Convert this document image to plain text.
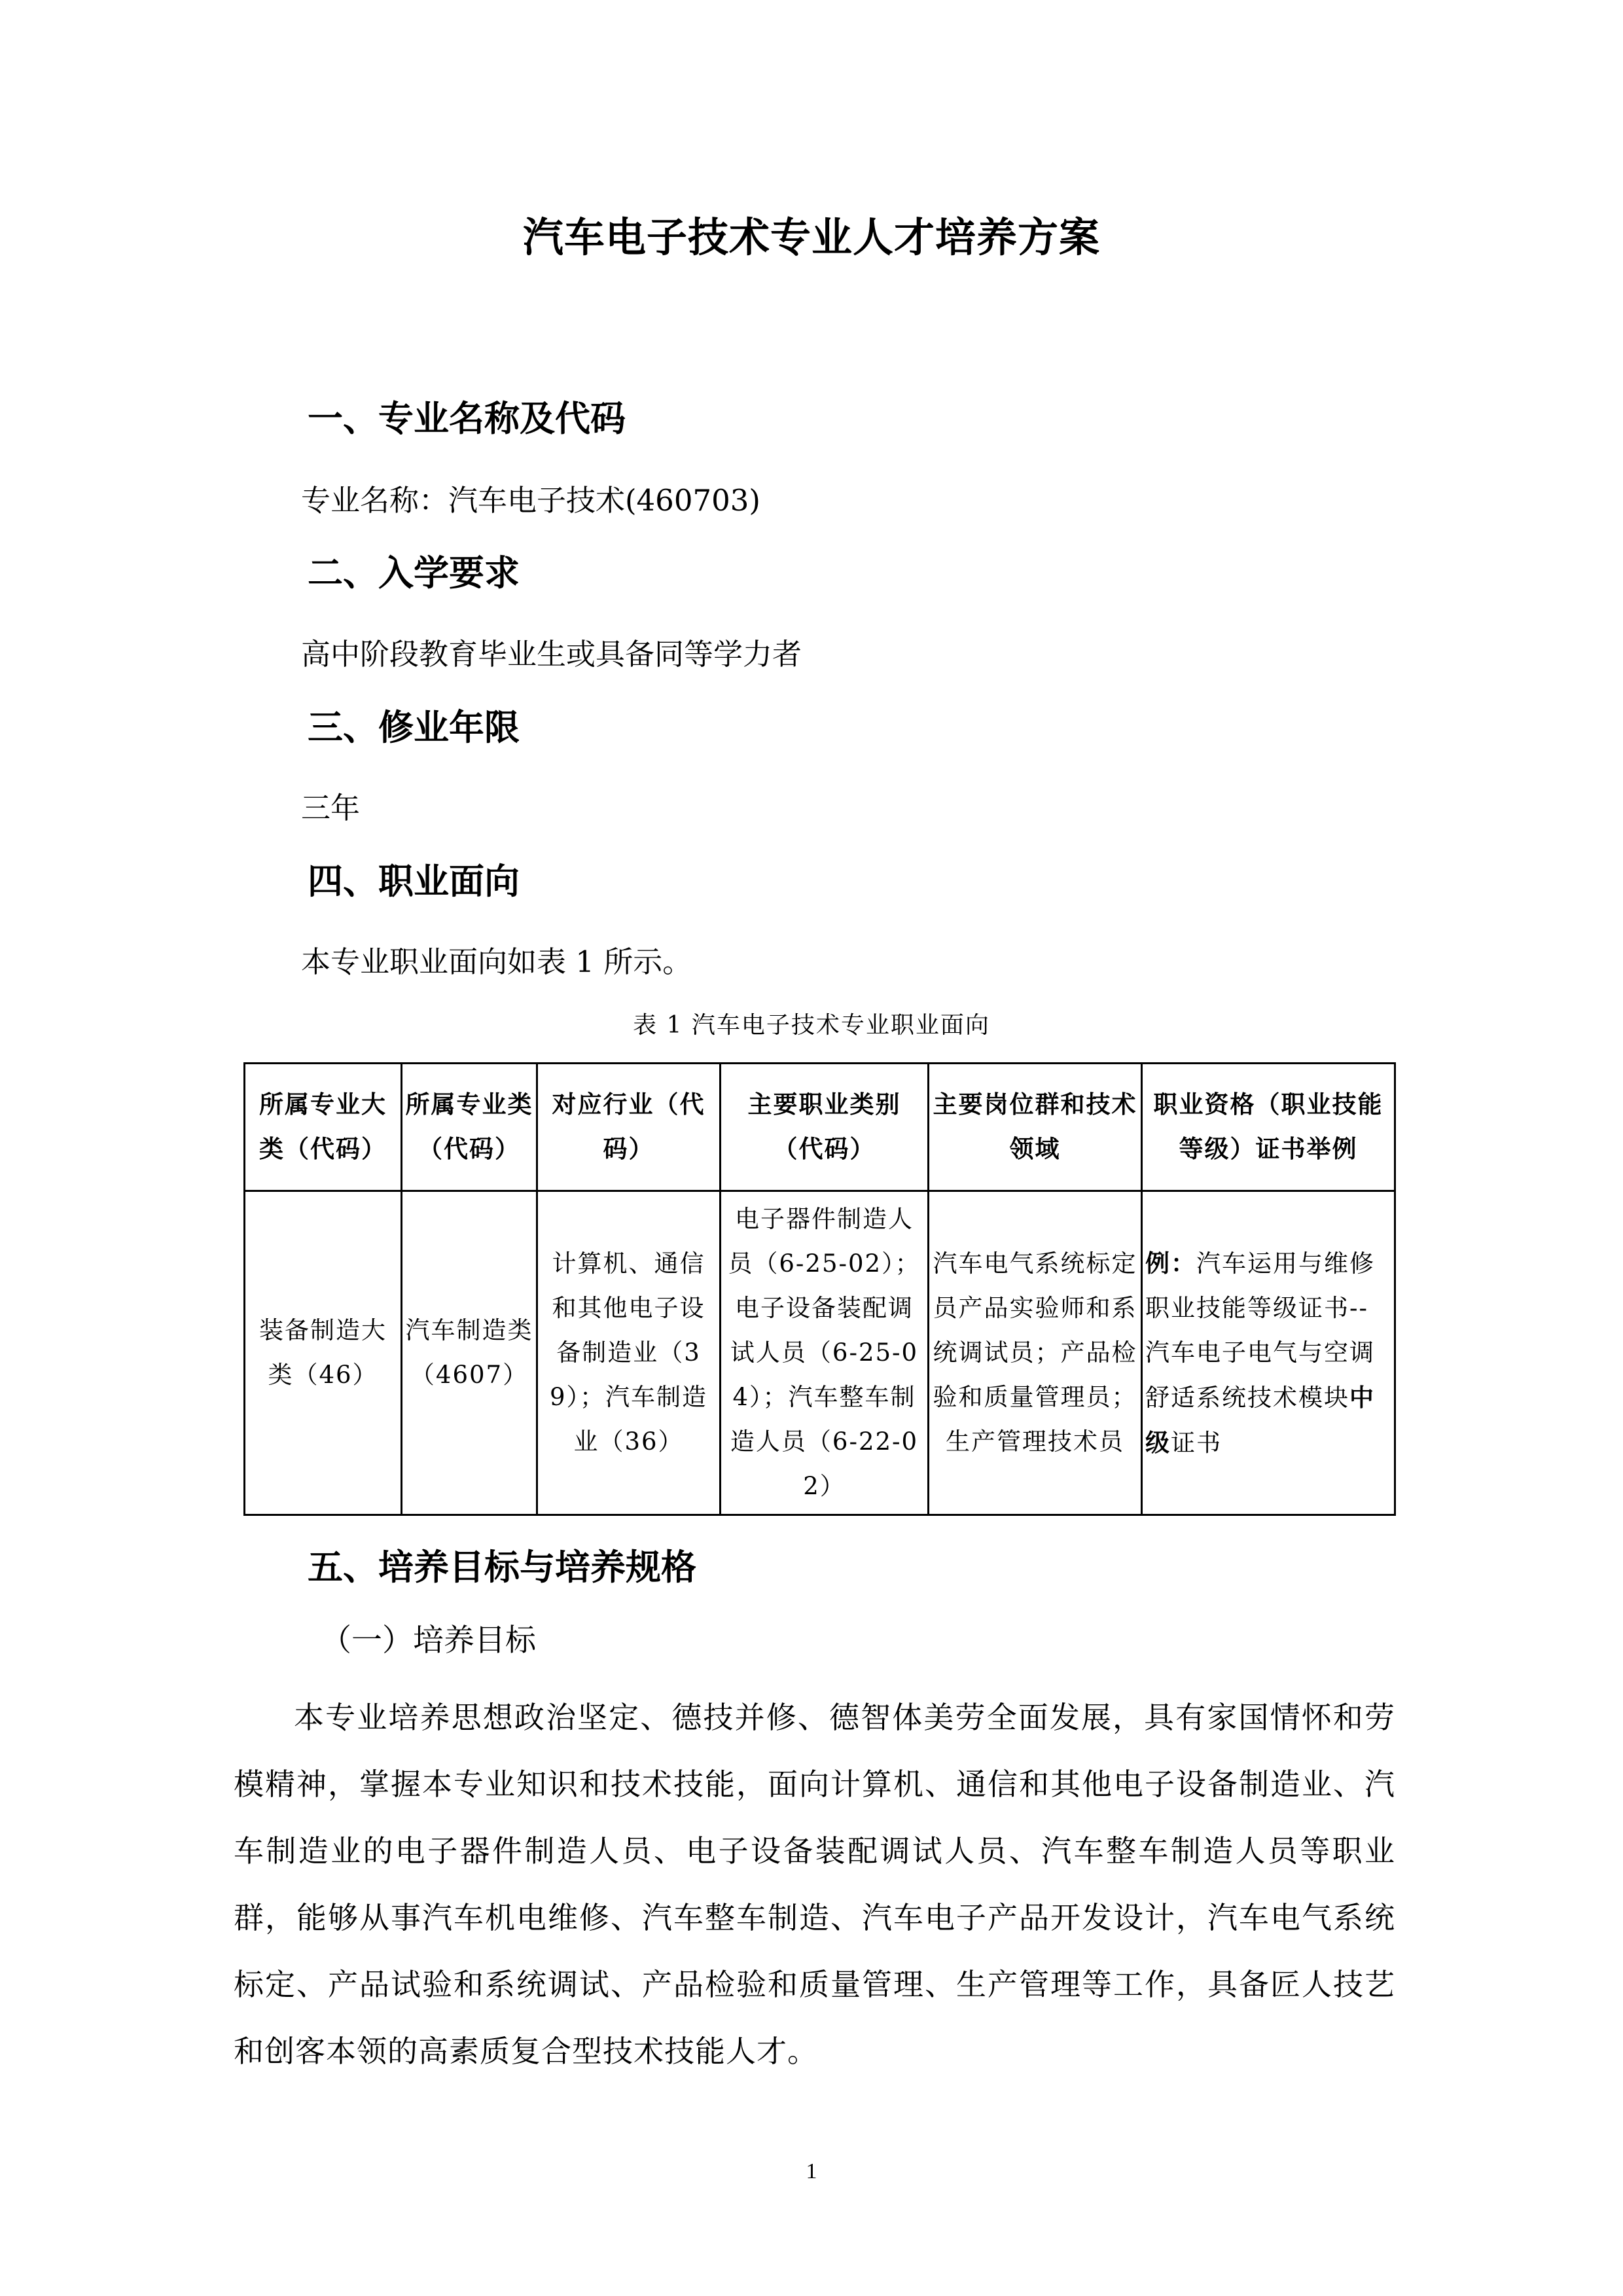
汽车电子技术专业人才培养方案
一、专业名称及代码
专业名称：汽车电子技术(460703)
二、入学要求
高中阶段教育毕业生或具备同等学力者
三、修业年限
三年
四、职业面向
本专业职业面向如表 1 所示。
表 1 汽车电子技术专业职业面向
所属专业大类（代码）	所属专业类（代码）	对应行业（代码）	主要职业类别（代码）	主要岗位群和技术领域	职业资格（职业技能等级）证书举例
装备制造大类（46）	汽车制造类（4607）	计算机、通信和其他电子设备制造业（39）；汽车制造业（36）	电子器件制造人员（6-25-02）；电子设备装配调试人员（6-25-04）；汽车整车制造人员（6-22-02）	汽车电气系统标定员产品实验师和系统调试员；产品检验和质量管理员；生产管理技术员	例：汽车运用与维修职业技能等级证书--汽车电子电气与空调舒适系统技术模块中级证书
五、培养目标与培养规格
（一）培养目标
本专业培养思想政治坚定、德技并修、德智体美劳全面发展，具有家国情怀和劳模精神，掌握本专业知识和技术技能，面向计算机、通信和其他电子设备制造业、汽车制造业的电子器件制造人员、电子设备装配调试人员、汽车整车制造人员等职业群，能够从事汽车机电维修、汽车整车制造、汽车电子产品开发设计，汽车电气系统标定、产品试验和系统调试、产品检验和质量管理、生产管理等工作，具备匠人技艺和创客本领的高素质复合型技术技能人才。
1
